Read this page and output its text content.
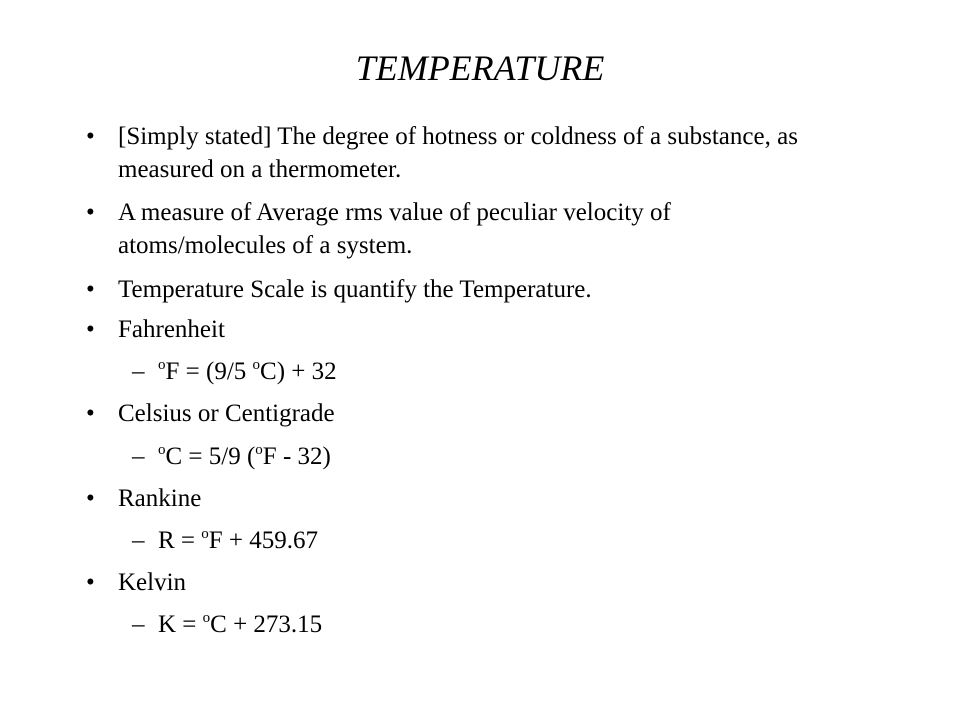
TEMPERATURE
• [Simply stated] The degree of hotness or coldness of a substance, as measured on a thermometer.
• A measure of Average rms value of peculiar velocity of atoms/molecules of a system.
• Temperature Scale is quantify the Temperature.
• Fahrenheit
– $^o$F = (9/5 $^o$C) + 32
• Celsius or Centigrade
– $^o$C = 5/9 ($^o$F - 32)
• Rankine
– R = $^o$F + 459.67
• Kelvin
– K = $^o$C + 273.15
